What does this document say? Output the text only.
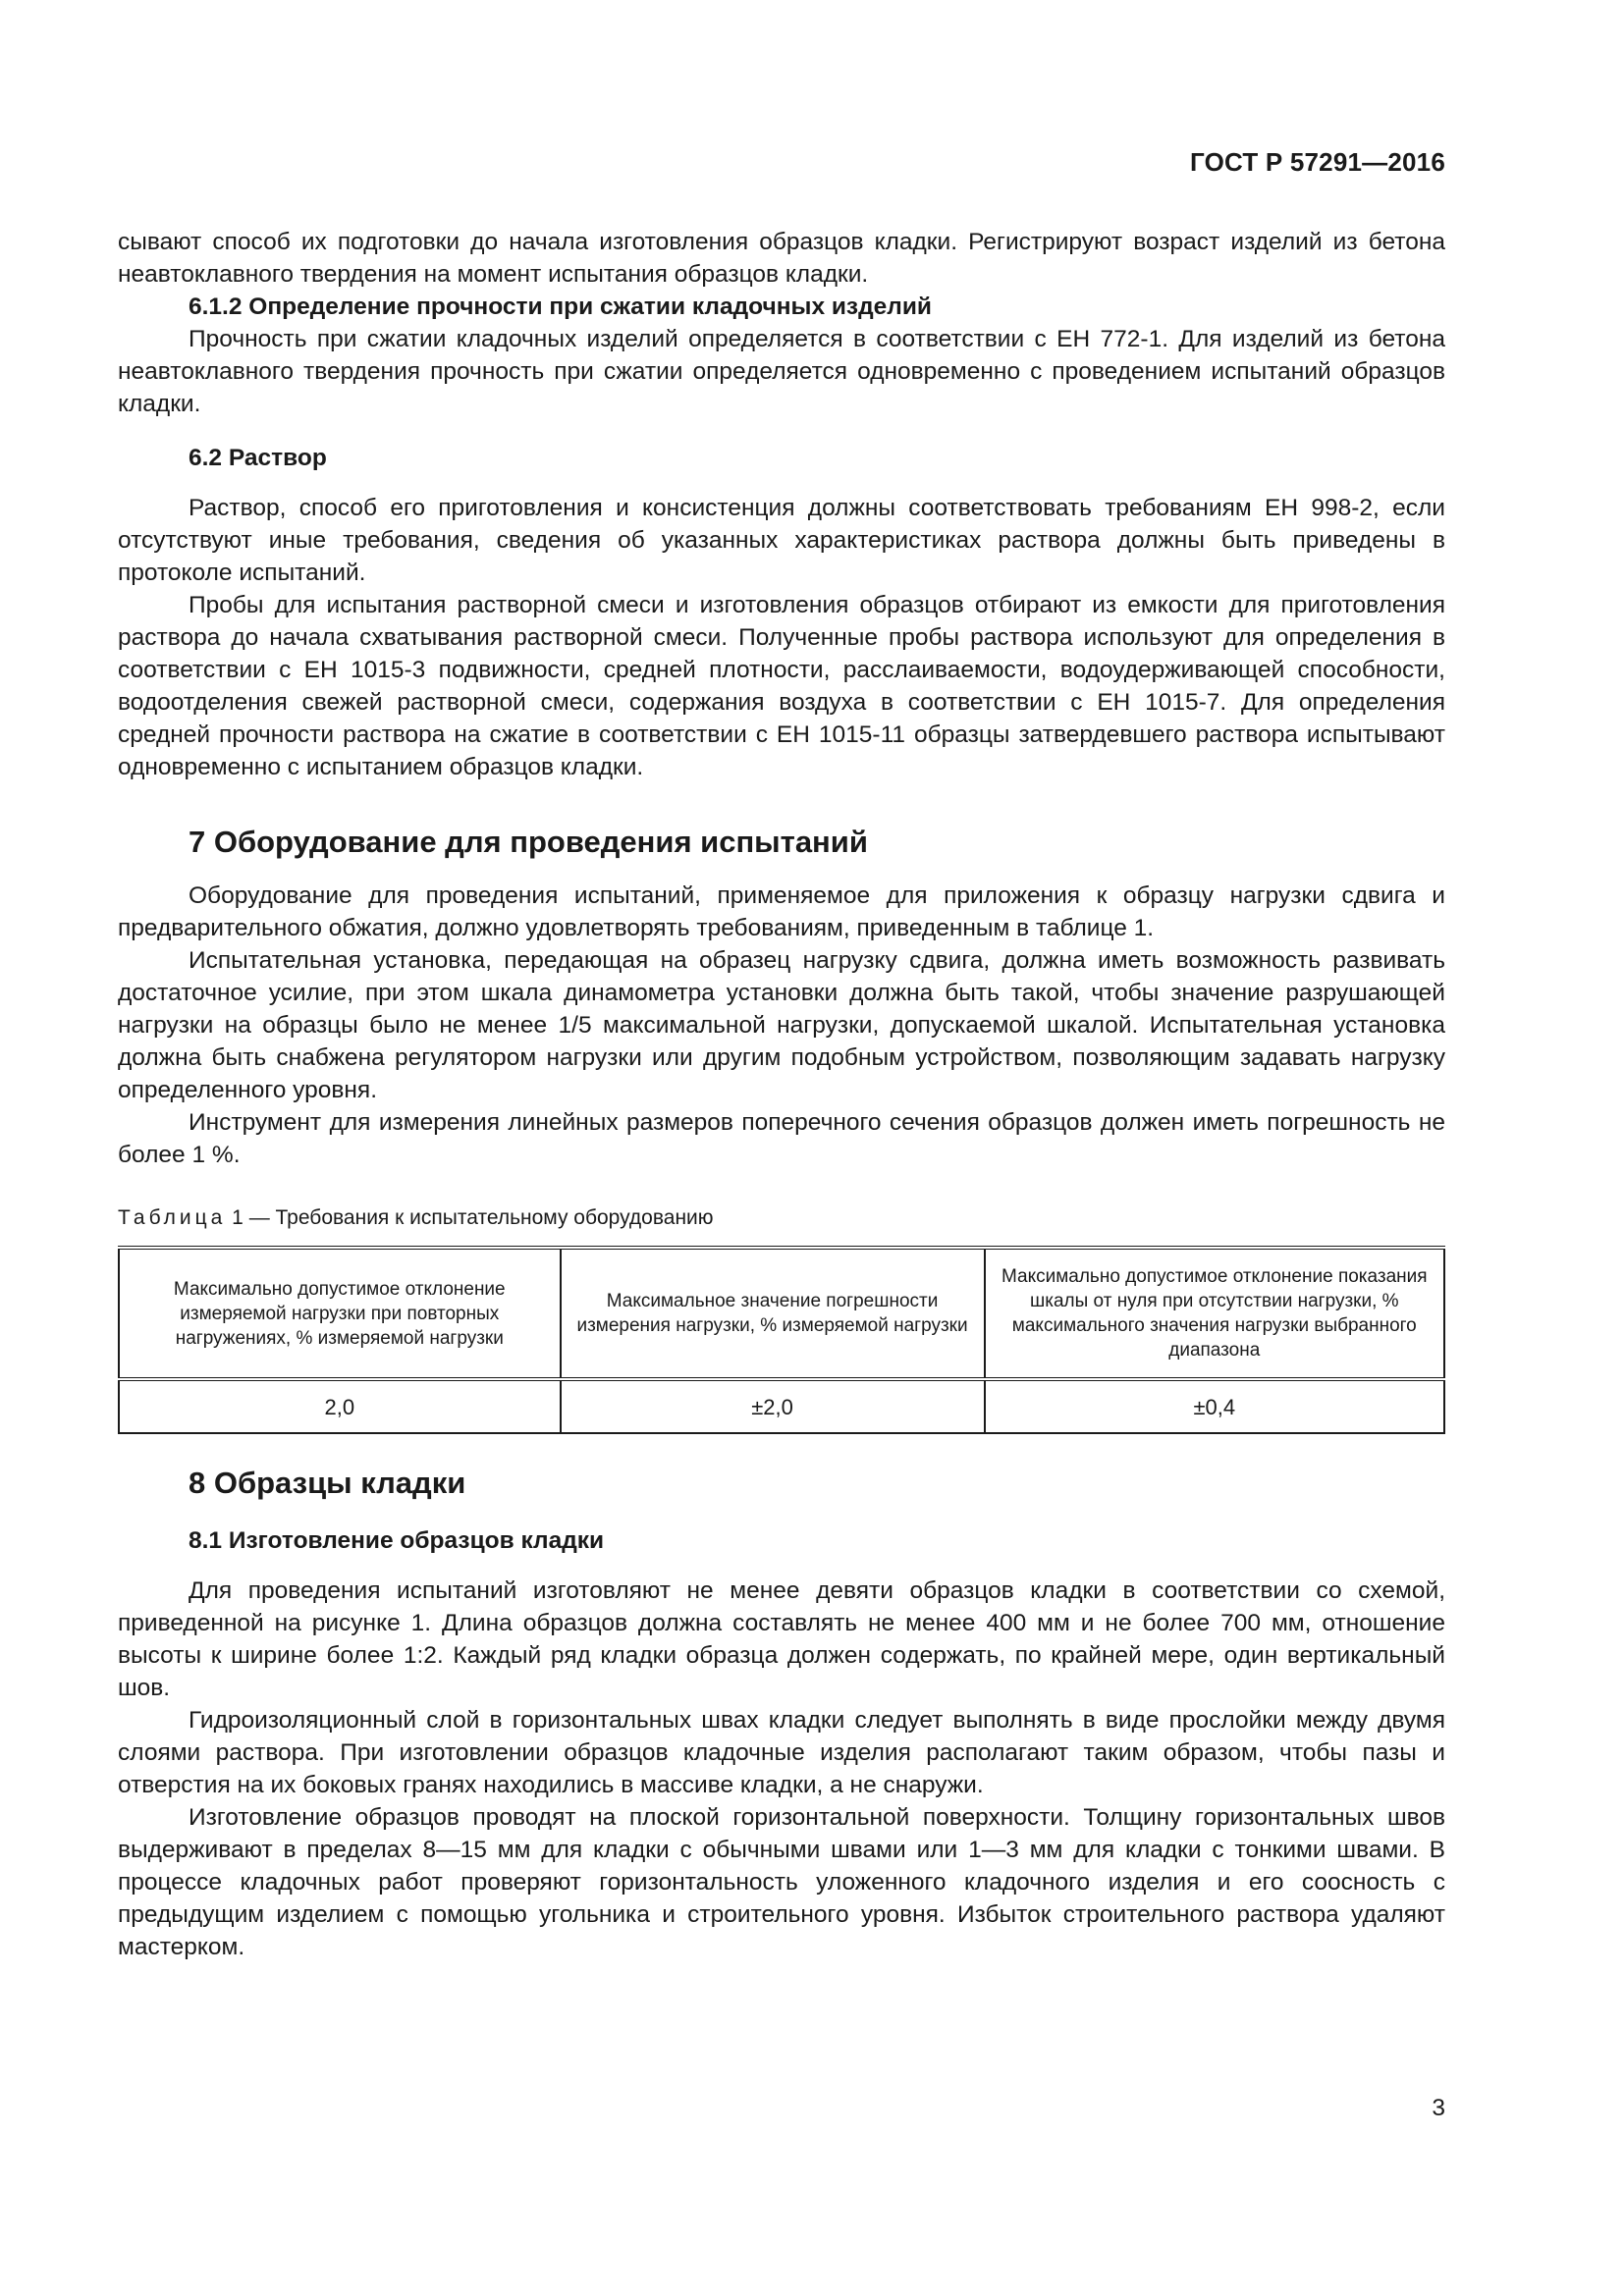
ГОСТ Р 57291—2016

сывают способ их подготовки до начала изготовления образцов кладки. Регистрируют возраст изделий из бетона неавтоклавного твердения на момент испытания образцов кладки.

6.1.2 Определение прочности при сжатии кладочных изделий

Прочность при сжатии кладочных изделий определяется в соответствии с ЕН 772-1. Для изделий из бетона неавтоклавного твердения прочность при сжатии определяется одновременно с проведением испытаний образцов кладки.

6.2 Раствор

Раствор, способ его приготовления и консистенция должны соответствовать требованиям ЕН 998-2, если отсутствуют иные требования, сведения об указанных характеристиках раствора должны быть приведены в протоколе испытаний.

Пробы для испытания растворной смеси и изготовления образцов отбирают из емкости для приготовления раствора до начала схватывания растворной смеси. Полученные пробы раствора используют для определения в соответствии с ЕН 1015-3 подвижности, средней плотности, расслаиваемости, водоудерживающей способности, водоотделения свежей растворной смеси, содержания воздуха в соответствии с ЕН 1015-7. Для определения средней прочности раствора на сжатие в соответствии с ЕН 1015-11 образцы затвердевшего раствора испытывают одновременно с испытанием образцов кладки.

7 Оборудование для проведения испытаний

Оборудование для проведения испытаний, применяемое для приложения к образцу нагрузки сдвига и предварительного обжатия, должно удовлетворять требованиям, приведенным в таблице 1.

Испытательная установка, передающая на образец нагрузку сдвига, должна иметь возможность развивать достаточное усилие, при этом шкала динамометра установки должна быть такой, чтобы значение разрушающей нагрузки на образцы было не менее 1/5 максимальной нагрузки, допускаемой шкалой. Испытательная установка должна быть снабжена регулятором нагрузки или другим подобным устройством, позволяющим задавать нагрузку определенного уровня.

Инструмент для измерения линейных размеров поперечного сечения образцов должен иметь погрешность не более 1 %.

Таблица 1 — Требования к испытательному оборудованию
Максимально допустимое отклонение измеряемой нагрузки при повторных нагружениях, % измеряемой нагрузки	Максимальное значение погрешности измерения нагрузки, % измеряемой нагрузки	Максимально допустимое отклонение показания шкалы от нуля при отсутствии нагрузки, % максимального значения нагрузки выбранного диапазона
2,0	±2,0	±0,4
8 Образцы кладки
8.1 Изготовление образцов кладки

Для проведения испытаний изготовляют не менее девяти образцов кладки в соответствии со схемой, приведенной на рисунке 1. Длина образцов должна составлять не менее 400 мм и не более 700 мм, отношение высоты к ширине более 1:2. Каждый ряд кладки образца должен содержать, по крайней мере, один вертикальный шов.

Гидроизоляционный слой в горизонтальных швах кладки следует выполнять в виде прослойки между двумя слоями раствора. При изготовлении образцов кладочные изделия располагают таким образом, чтобы пазы и отверстия на их боковых гранях находились в массиве кладки, а не снаружи.

Изготовление образцов проводят на плоской горизонтальной поверхности. Толщину горизонтальных швов выдерживают в пределах 8—15 мм для кладки с обычными швами или 1—3 мм для кладки с тонкими швами. В процессе кладочных работ проверяют горизонтальность уложенного кладочного изделия и его соосность с предыдущим изделием с помощью угольника и строительного уровня. Избыток строительного раствора удаляют мастерком.

3
